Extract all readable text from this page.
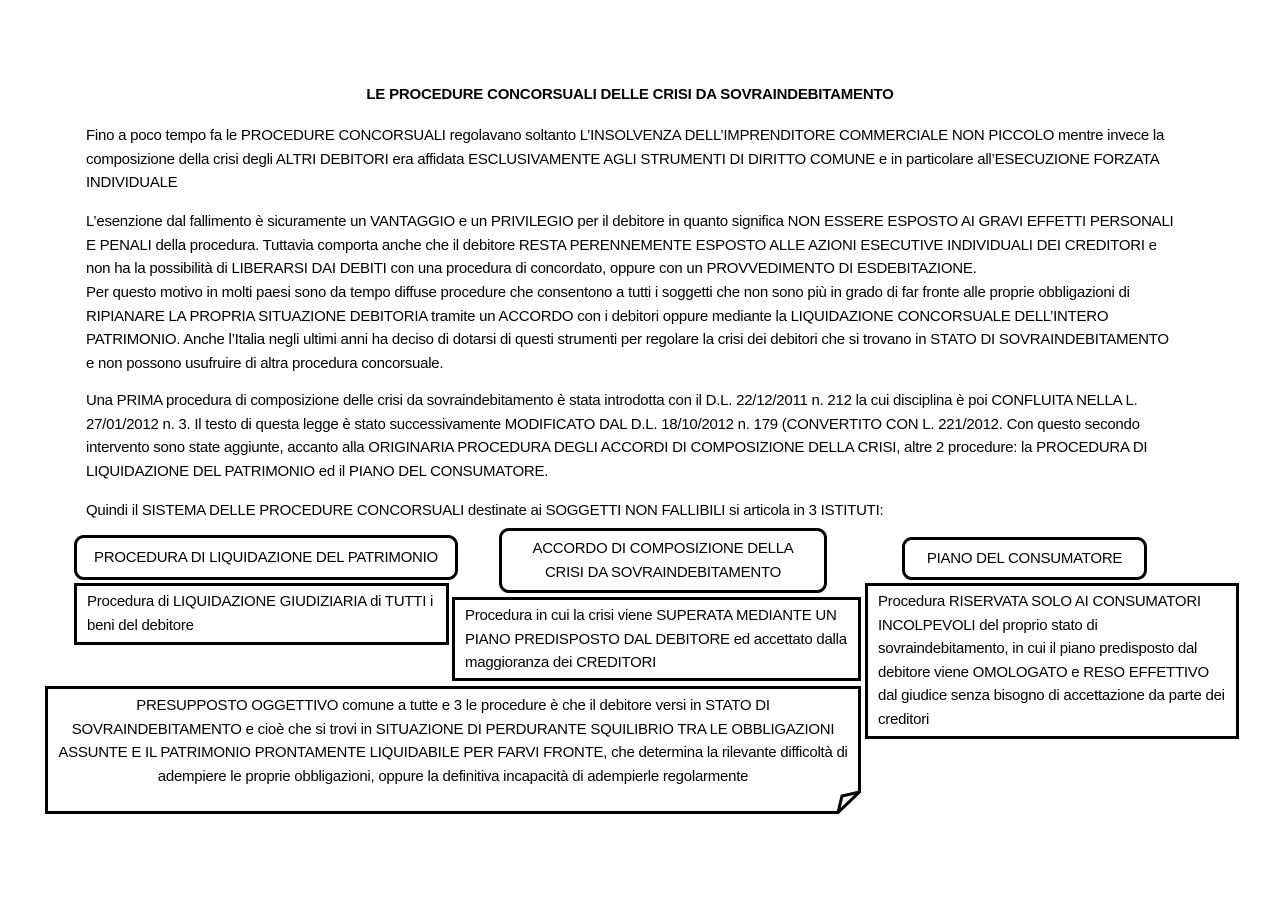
LE PROCEDURE CONCORSUALI DELLE CRISI DA SOVRAINDEBITAMENTO

Fino a poco tempo fa le PROCEDURE CONCORSUALI regolavano soltanto L’INSOLVENZA DELL’IMPRENDITORE COMMERCIALE NON PICCOLO mentre invece la composizione della crisi degli ALTRI DEBITORI era affidata ESCLUSIVAMENTE AGLI STRUMENTI DI DIRITTO COMUNE e in particolare all’ESECUZIONE FORZATA INDIVIDUALE

L’esenzione dal fallimento è sicuramente un VANTAGGIO e un PRIVILEGIO per il debitore in quanto significa NON ESSERE ESPOSTO AI GRAVI EFFETTI PERSONALI E PENALI della procedura. Tuttavia comporta anche che il debitore RESTA PERENNEMENTE ESPOSTO ALLE AZIONI ESECUTIVE INDIVIDUALI DEI CREDITORI e non ha la possibilità di LIBERARSI DAI DEBITI con una procedura di concordato, oppure con un PROVVEDIMENTO DI ESDEBITAZIONE.

Per questo motivo in molti paesi sono da tempo diffuse procedure che consentono a tutti i soggetti che non sono più in grado di far fronte alle proprie obbligazioni di RIPIANARE LA PROPRIA SITUAZIONE DEBITORIA tramite un ACCORDO con i debitori oppure mediante la LIQUIDAZIONE CONCORSUALE DELL’INTERO PATRIMONIO. Anche l’Italia negli ultimi anni ha deciso di dotarsi di questi strumenti per regolare la crisi dei debitori che si trovano in STATO DI SOVRAINDEBITAMENTO e non possono usufruire di altra procedura concorsuale.

Una PRIMA procedura di composizione delle crisi da sovraindebitamento è stata introdotta con il D.L. 22/12/2011 n. 212 la cui disciplina è poi CONFLUITA NELLA L. 27/01/2012 n. 3. Il testo di questa legge è stato successivamente MODIFICATO DAL D.L. 18/10/2012 n. 179 (CONVERTITO CON L. 221/2012. Con questo secondo intervento sono state aggiunte, accanto alla ORIGINARIA PROCEDURA DEGLI ACCORDI DI COMPOSIZIONE DELLA CRISI, altre 2 procedure: la PROCEDURA DI LIQUIDAZIONE DEL PATRIMONIO ed il PIANO DEL CONSUMATORE.

Quindi il SISTEMA DELLE PROCEDURE CONCORSUALI destinate ai SOGGETTI NON FALLIBILI si articola in 3 ISTITUTI:

PROCEDURA DI LIQUIDAZIONE DEL PATRIMONIO
Procedura di LIQUIDAZIONE GIUDIZIARIA di TUTTI i beni del debitore
ACCORDO DI COMPOSIZIONE DELLA CRISI DA SOVRAINDEBITAMENTO
Procedura in cui la crisi viene SUPERATA MEDIANTE UN PIANO PREDISPOSTO DAL DEBITORE ed accettato dalla maggioranza dei CREDITORI
PIANO DEL CONSUMATORE
Procedura RISERVATA SOLO AI CONSUMATORI INCOLPEVOLI del proprio stato di sovraindebitamento, in cui il piano predisposto dal debitore viene OMOLOGATO e RESO EFFETTIVO dal giudice senza bisogno di accettazione da parte dei creditori
PRESUPPOSTO OGGETTIVO comune a tutte e 3 le procedure è che il debitore versi in STATO DI SOVRAINDEBITAMENTO e cioè che si trovi in SITUAZIONE DI PERDURANTE SQUILIBRIO TRA LE OBBLIGAZIONI ASSUNTE E IL PATRIMONIO PRONTAMENTE LIQUIDABILE PER FARVI FRONTE, che determina la rilevante difficoltà di adempiere le proprie obbligazioni, oppure la definitiva incapacità di adempierle regolarmente
